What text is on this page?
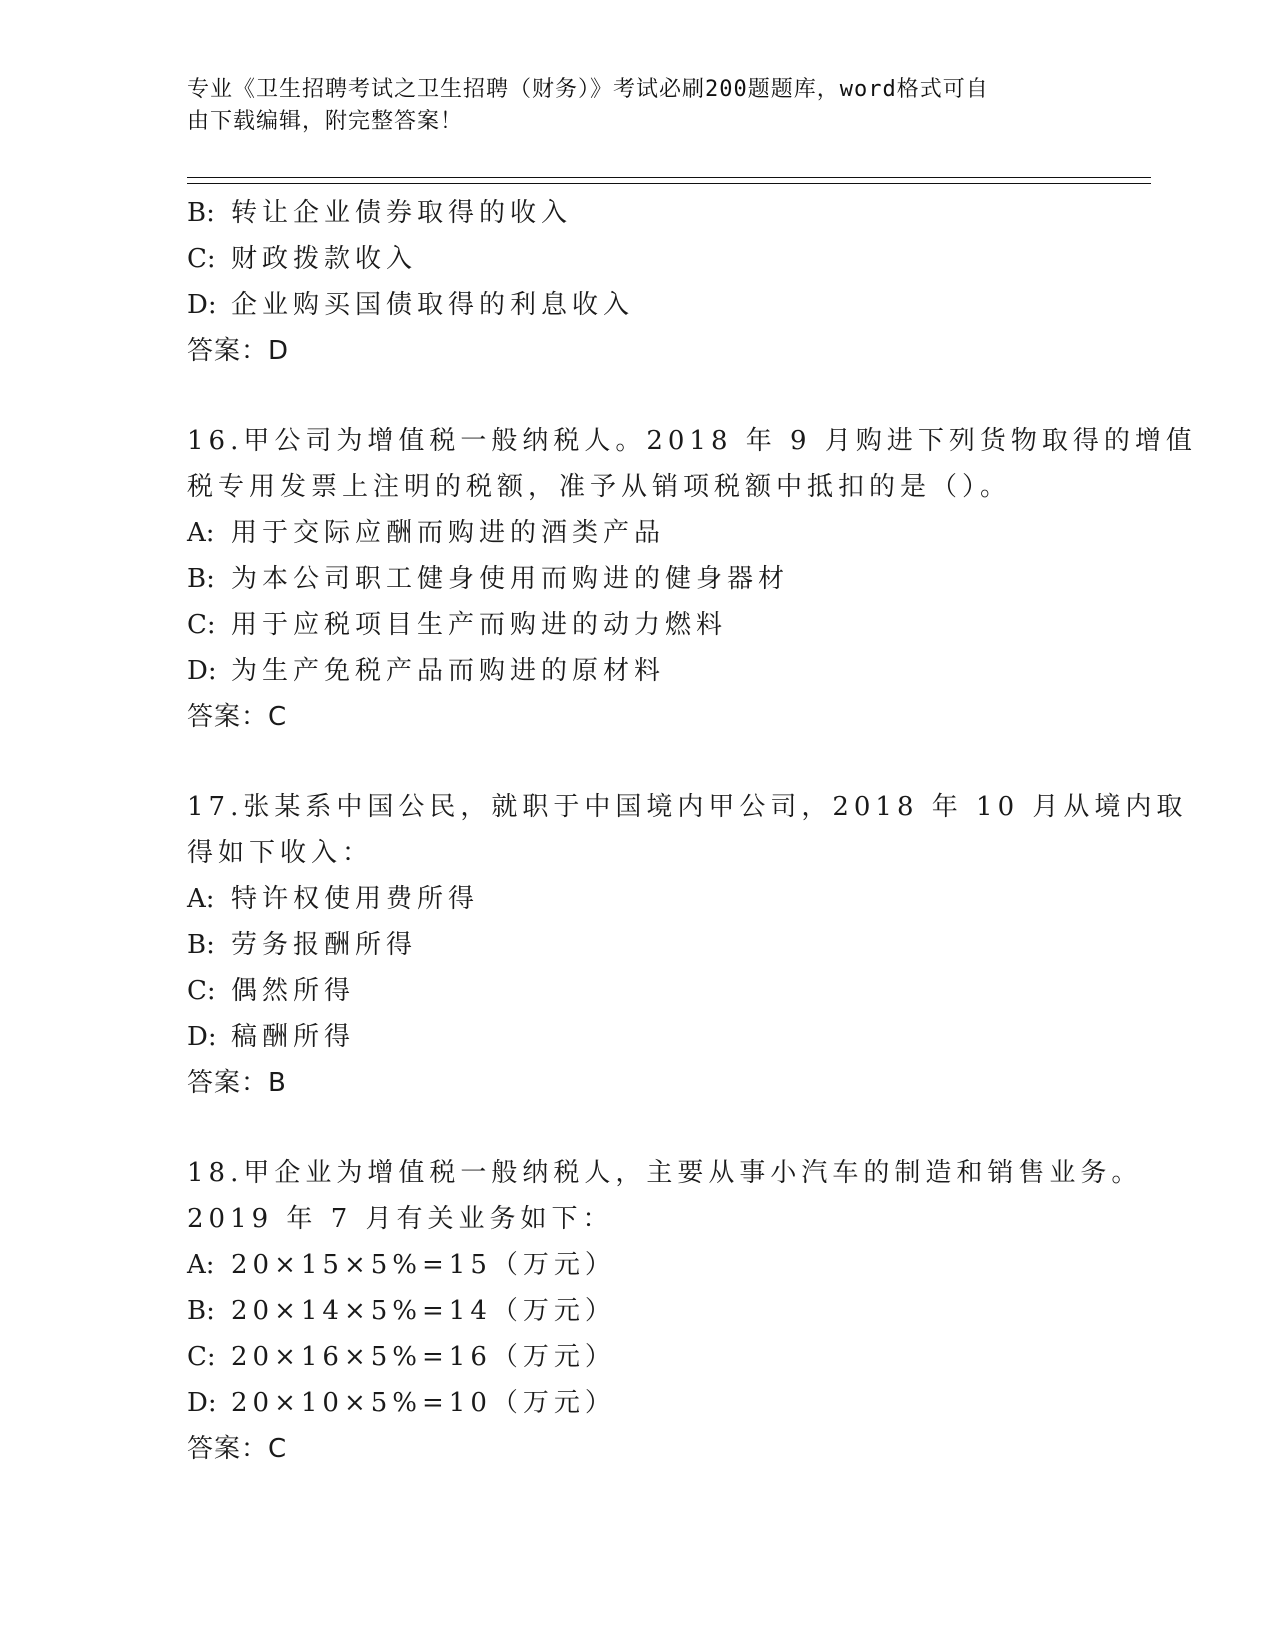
专业《卫生招聘考试之卫生招聘（财务）》考试必刷200题题库，word格式可自
由下载编辑，附完整答案！
B: 转让企业债券取得的收入
C: 财政拨款收入
D: 企业购买国债取得的利息收入
答案：D
16.甲公司为增值税一般纳税人。2018 年 9 月购进下列货物取得的增值
税专用发票上注明的税额，准予从销项税额中抵扣的是（）。
A: 用于交际应酬而购进的酒类产品
B: 为本公司职工健身使用而购进的健身器材
C: 用于应税项目生产而购进的动力燃料
D: 为生产免税产品而购进的原材料
答案：C
17.张某系中国公民，就职于中国境内甲公司，2018 年 10 月从境内取
得如下收入：
A: 特许权使用费所得
B: 劳务报酬所得
C: 偶然所得
D: 稿酬所得
答案：B
18.甲企业为增值税一般纳税人，主要从事小汽车的制造和销售业务。
2019 年 7 月有关业务如下：
A: 20×15×5%=15（万元）
B: 20×14×5%=14（万元）
C: 20×16×5%=16（万元）
D: 20×10×5%=10（万元）
答案：C
